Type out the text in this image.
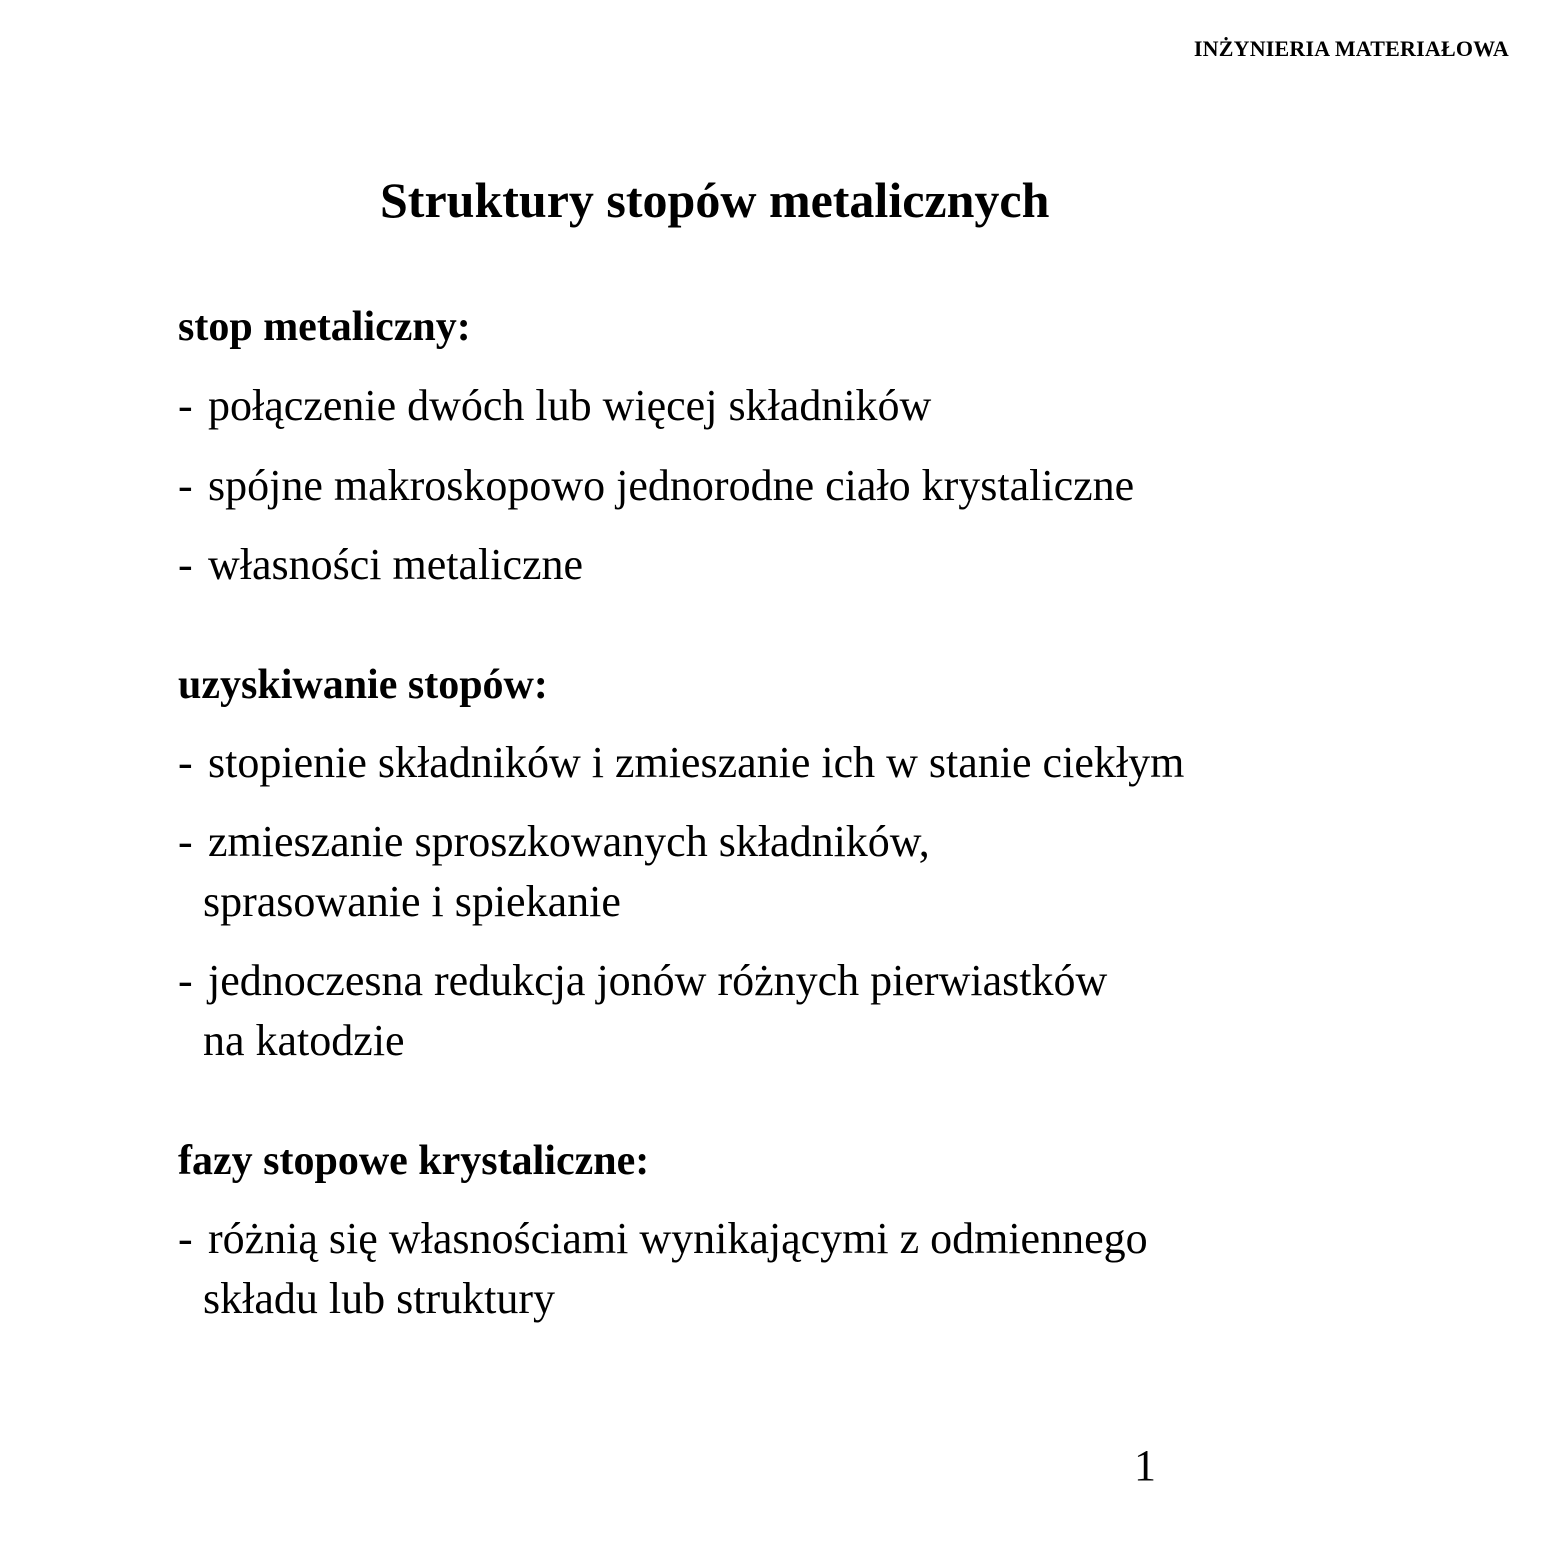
INŻYNIERIA MATERIAŁOWA
Struktury stopów metalicznych
stop metaliczny:
- połączenie dwóch lub więcej składników
- spójne makroskopowo jednorodne ciało krystaliczne
- własności metaliczne
uzyskiwanie stopów:
- stopienie składników i zmieszanie ich w stanie ciekłym
- zmieszanie sproszkowanych składników,
sprasowanie i spiekanie
- jednoczesna redukcja jonów różnych pierwiastków
na katodzie
fazy stopowe krystaliczne:
- różnią się własnościami wynikającymi z odmiennego
składu lub struktury
1
